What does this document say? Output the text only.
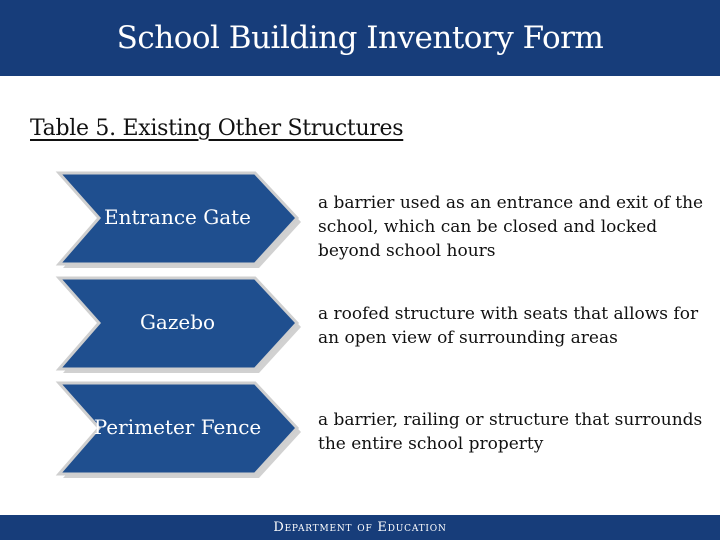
School Building Inventory Form
Table 5. Existing Other Structures
Entrance Gate
a barrier used as an entrance and exit of the school, which can be closed and locked beyond school hours
Gazebo	a roofed structure with seats that allows for an open view of surrounding areas
Perimeter Fence	a barrier, railing or structure that surrounds the entire school property
Department of Education
